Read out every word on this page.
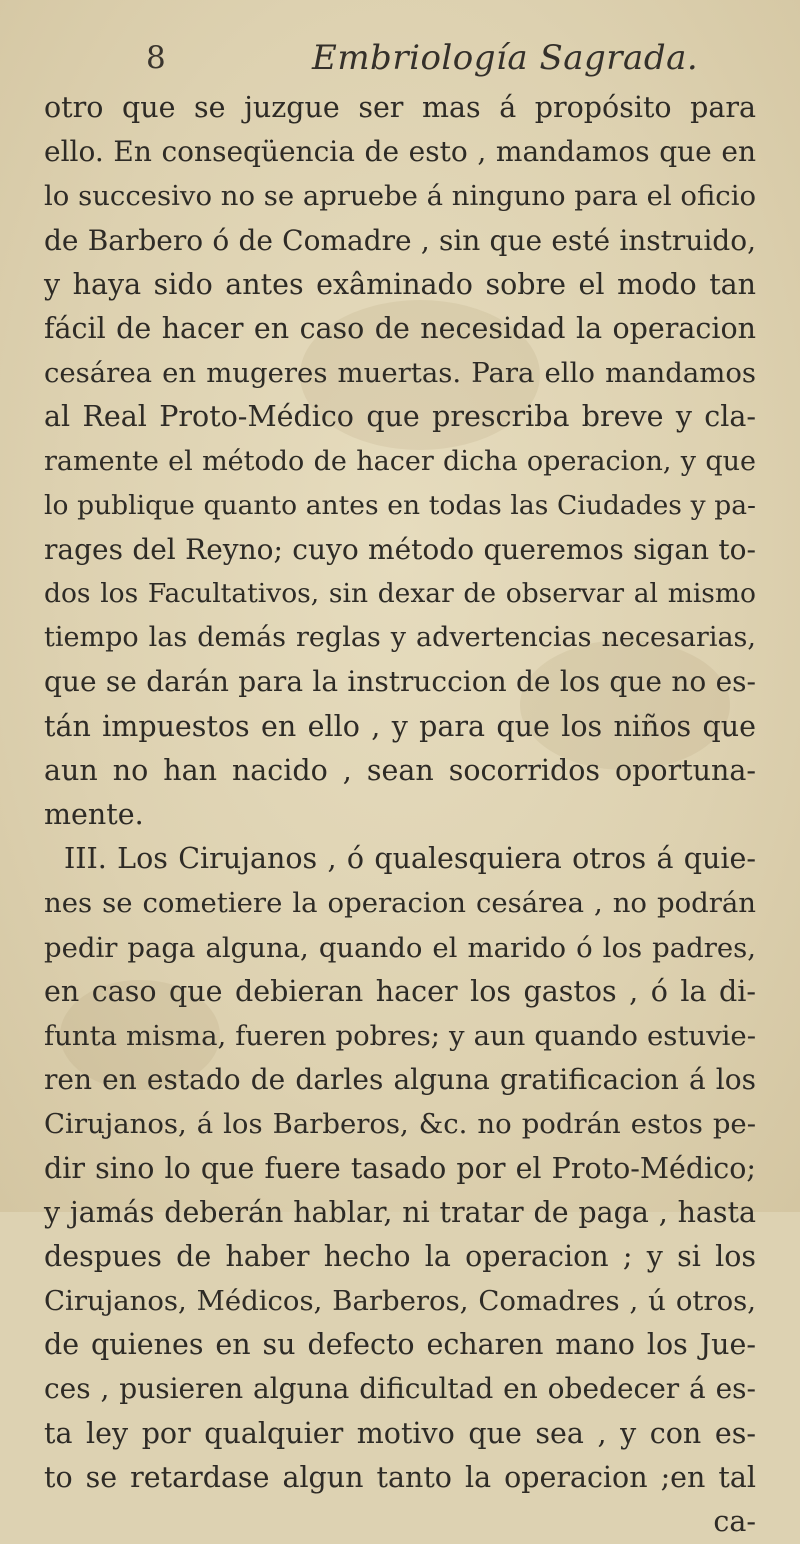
8	Embriología Sagrada.
otro que se juzgue ser mas á propósito para
ello. En conseqüencia de esto , mandamos que en
lo succesivo no se apruebe á ninguno para el oficio
de Barbero ó de Comadre , sin que esté instruido,
y haya sido antes exâminado sobre el modo tan
fácil de hacer en caso de necesidad la operacion
cesárea en mugeres muertas. Para ello mandamos
al Real Proto-Médico que prescriba breve y cla-
ramente el método de hacer dicha operacion, y que
lo publique quanto antes en todas las Ciudades y pa-
rages del Reyno; cuyo método queremos sigan to-
dos los Facultativos, sin dexar de observar al mismo
tiempo las demás reglas y advertencias necesarias,
que se darán para la instruccion de los que no es-
tán impuestos en ello , y para que los niños que
aun no han nacido , sean socorridos oportuna-
mente.
III. Los Cirujanos , ó qualesquiera otros á quie-
nes se cometiere la operacion cesárea , no podrán
pedir paga alguna, quando el marido ó los padres,
en caso que debieran hacer los gastos , ó la di-
funta misma, fueren pobres; y aun quando estuvie-
ren en estado de darles alguna gratificacion á los
Cirujanos, á los Barberos, &c. no podrán estos pe-
dir sino lo que fuere tasado por el Proto-Médico;
y jamás deberán hablar, ni tratar de paga , hasta
despues de haber hecho la operacion ; y si los
Cirujanos, Médicos, Barberos, Comadres , ú otros,
de quienes en su defecto echaren mano los Jue-
ces , pusieren alguna dificultad en obedecer á es-
ta ley por qualquier motivo que sea , y con es-
to se retardase algun tanto la operacion ;en tal
ca-
